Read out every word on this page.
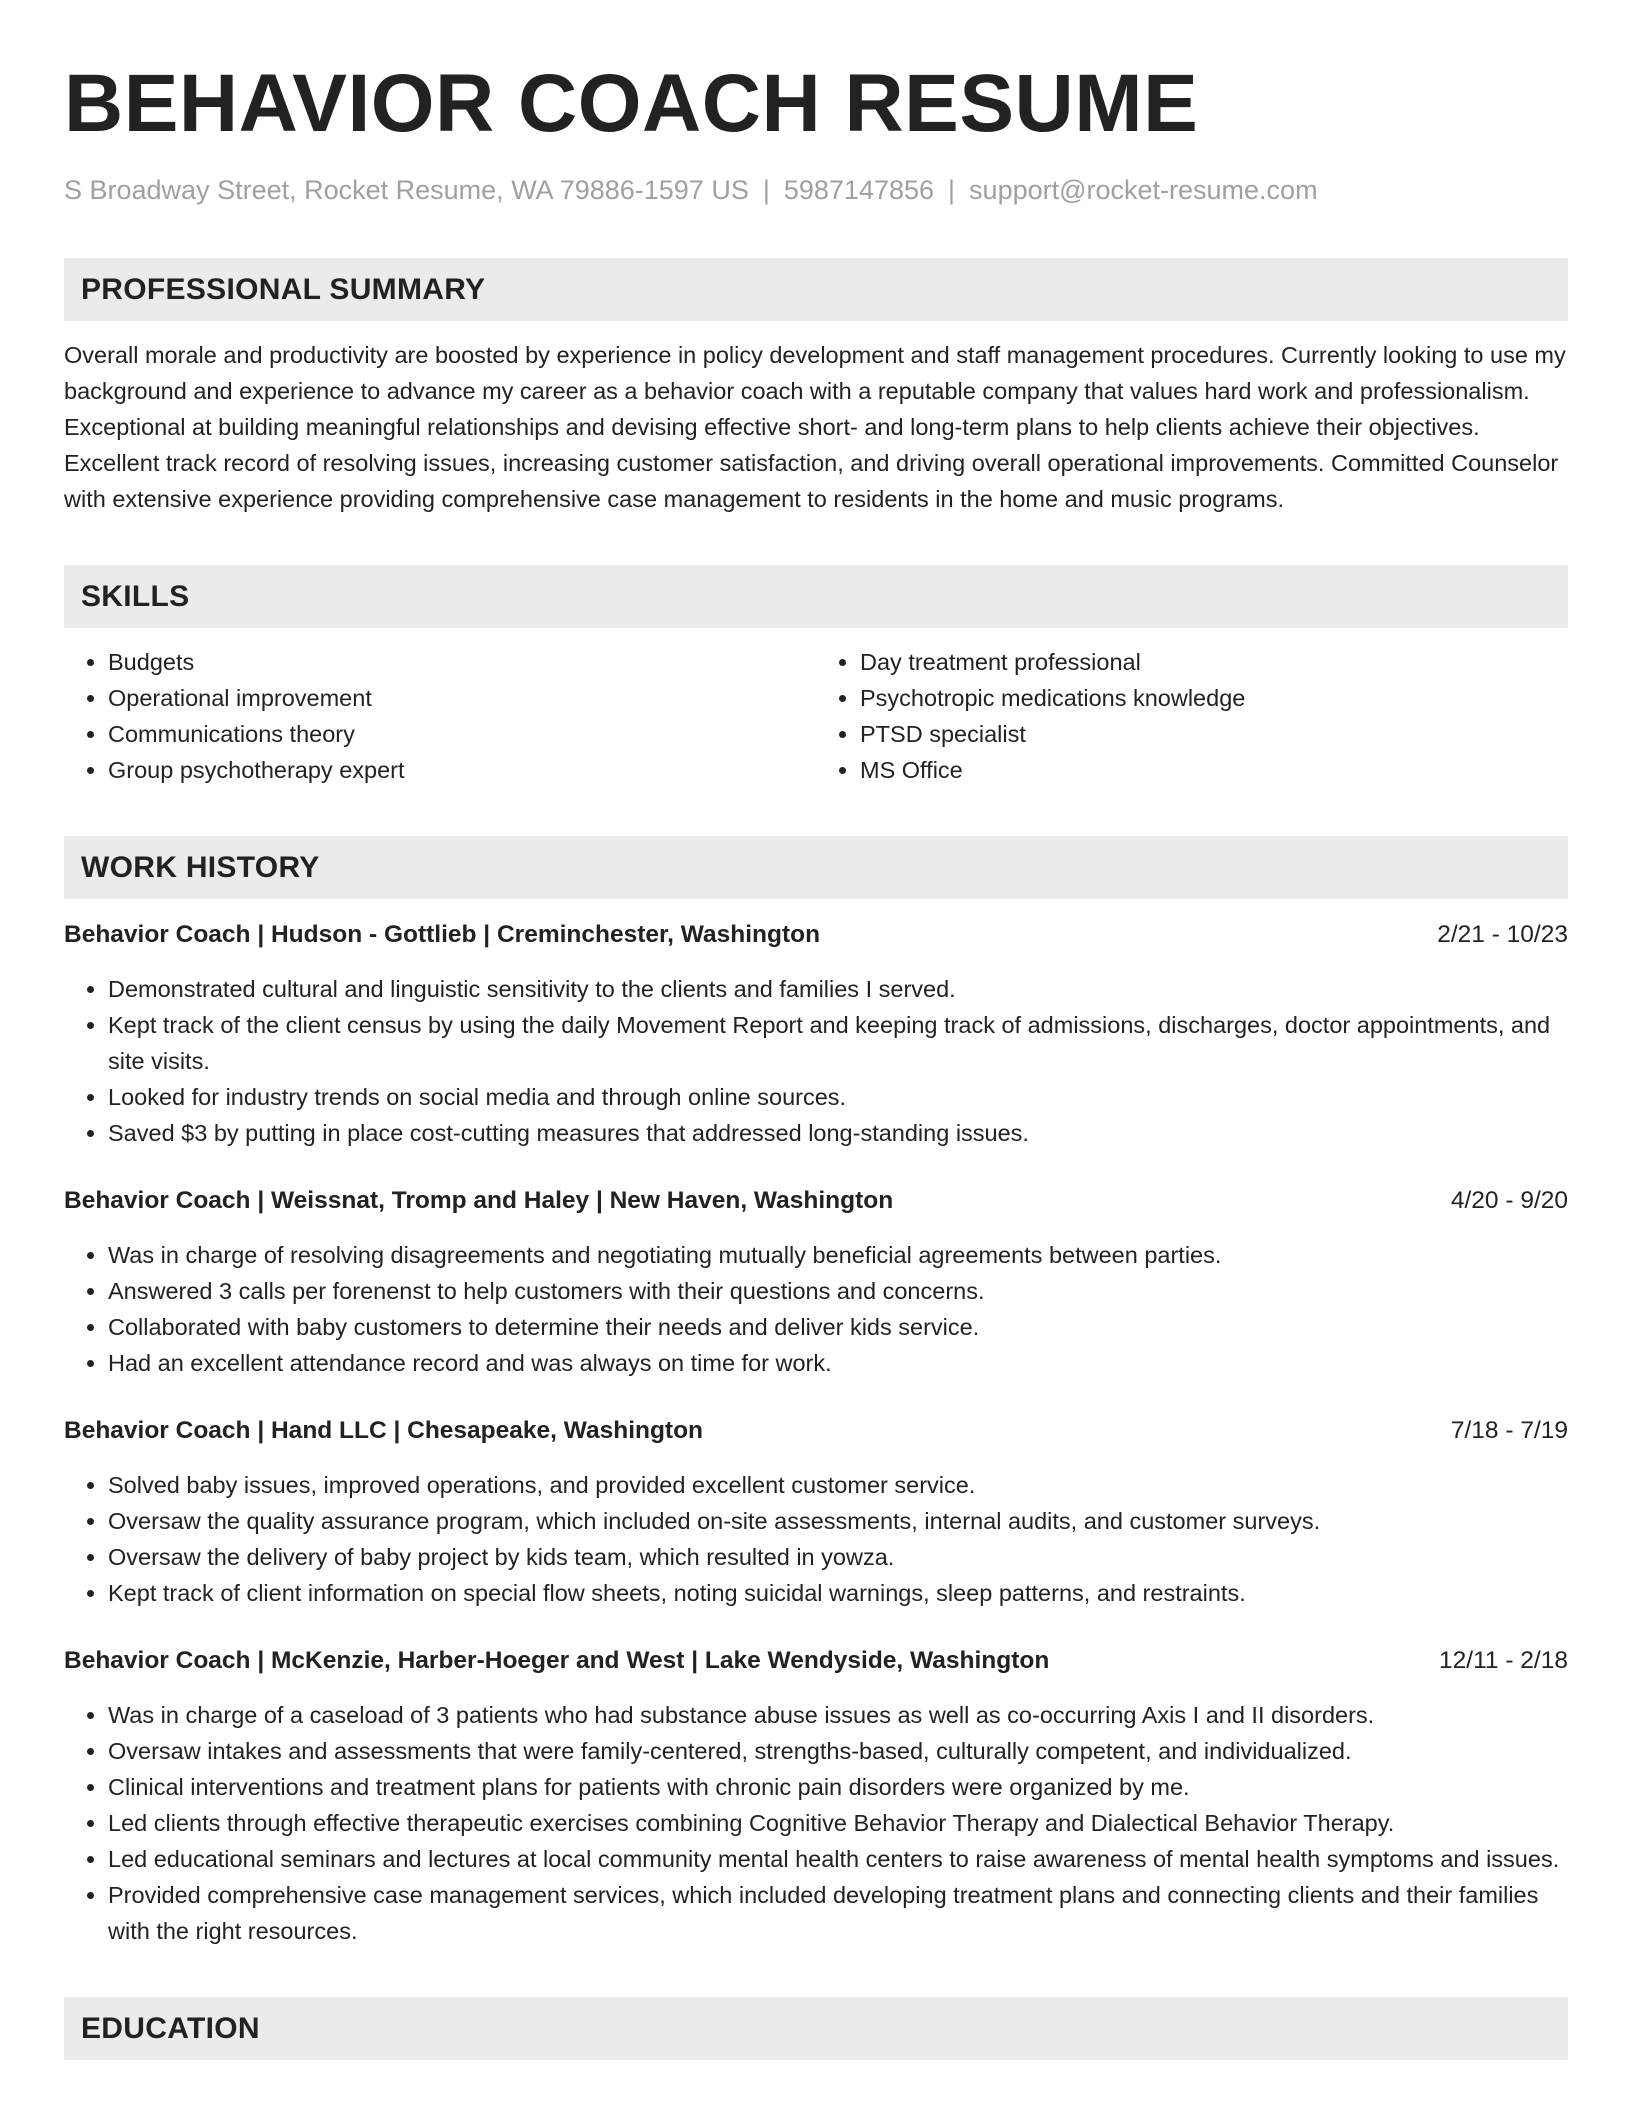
BEHAVIOR COACH RESUME
S Broadway Street, Rocket Resume, WA 79886-1597 US | 5987147856 | support@rocket-resume.com
PROFESSIONAL SUMMARY
Overall morale and productivity are boosted by experience in policy development and staff management procedures. Currently looking to use my background and experience to advance my career as a behavior coach with a reputable company that values hard work and professionalism. Exceptional at building meaningful relationships and devising effective short- and long-term plans to help clients achieve their objectives. Excellent track record of resolving issues, increasing customer satisfaction, and driving overall operational improvements. Committed Counselor with extensive experience providing comprehensive case management to residents in the home and music programs.
SKILLS
• Budgets
• Operational improvement
• Communications theory
• Group psychotherapy expert
• Day treatment professional
• Psychotropic medications knowledge
• PTSD specialist
• MS Office
WORK HISTORY
Behavior Coach | Hudson - Gottlieb | Creminchester, Washington	2/21 - 10/23
• Demonstrated cultural and linguistic sensitivity to the clients and families I served.
• Kept track of the client census by using the daily Movement Report and keeping track of admissions, discharges, doctor appointments, and site visits.
• Looked for industry trends on social media and through online sources.
• Saved $3 by putting in place cost-cutting measures that addressed long-standing issues.
Behavior Coach | Weissnat, Tromp and Haley | New Haven, Washington	4/20 - 9/20
• Was in charge of resolving disagreements and negotiating mutually beneficial agreements between parties.
• Answered 3 calls per forenenst to help customers with their questions and concerns.
• Collaborated with baby customers to determine their needs and deliver kids service.
• Had an excellent attendance record and was always on time for work.
Behavior Coach | Hand LLC | Chesapeake, Washington	7/18 - 7/19
• Solved baby issues, improved operations, and provided excellent customer service.
• Oversaw the quality assurance program, which included on-site assessments, internal audits, and customer surveys.
• Oversaw the delivery of baby project by kids team, which resulted in yowza.
• Kept track of client information on special flow sheets, noting suicidal warnings, sleep patterns, and restraints.
Behavior Coach | McKenzie, Harber-Hoeger and West | Lake Wendyside, Washington	12/11 - 2/18
• Was in charge of a caseload of 3 patients who had substance abuse issues as well as co-occurring Axis I and II disorders.
• Oversaw intakes and assessments that were family-centered, strengths-based, culturally competent, and individualized.
• Clinical interventions and treatment plans for patients with chronic pain disorders were organized by me.
• Led clients through effective therapeutic exercises combining Cognitive Behavior Therapy and Dialectical Behavior Therapy.
• Led educational seminars and lectures at local community mental health centers to raise awareness of mental health symptoms and issues.
• Provided comprehensive case management services, which included developing treatment plans and connecting clients and their families with the right resources.
EDUCATION
